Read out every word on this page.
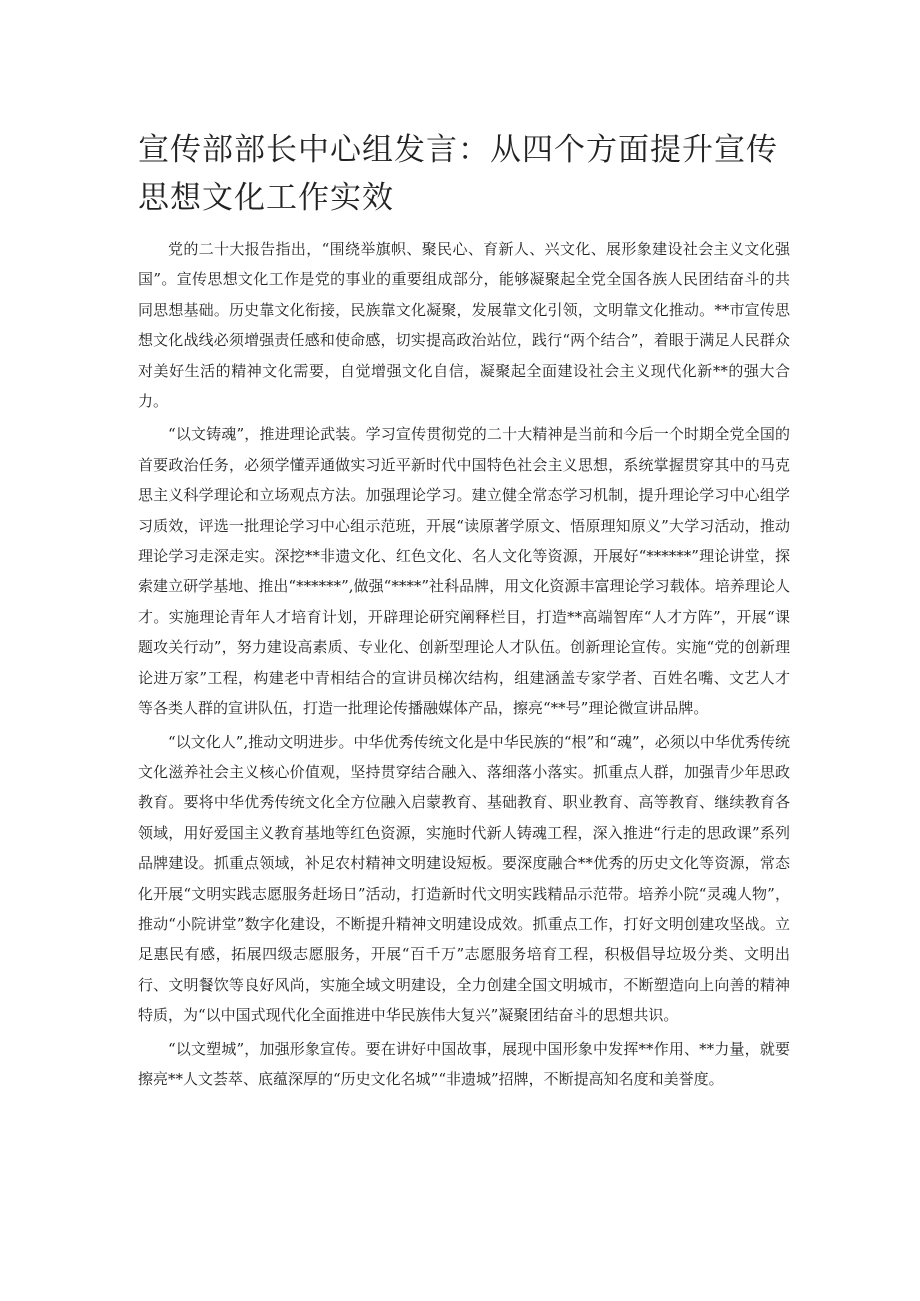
宣传部部长中心组发言：从四个方面提升宣传思想文化工作实效

党的二十大报告指出，“围绕举旗帜、聚民心、育新人、兴文化、展形象建设社会主义文化强国”。宣传思想文化工作是党的事业的重要组成部分，能够凝聚起全党全国各族人民团结奋斗的共同思想基础。历史靠文化衔接，民族靠文化凝聚，发展靠文化引领，文明靠文化推动。**市宣传思想文化战线必须增强责任感和使命感，切实提高政治站位，践行“两个结合”，着眼于满足人民群众对美好生活的精神文化需要，自觉增强文化自信，凝聚起全面建设社会主义现代化新**的强大合力。

“以文铸魂”，推进理论武装。学习宣传贯彻党的二十大精神是当前和今后一个时期全党全国的首要政治任务，必须学懂弄通做实习近平新时代中国特色社会主义思想，系统掌握贯穿其中的马克思主义科学理论和立场观点方法。加强理论学习。建立健全常态学习机制，提升理论学习中心组学习质效，评选一批理论学习中心组示范班，开展“读原著学原文、悟原理知原义”大学习活动，推动理论学习走深走实。深挖**非遗文化、红色文化、名人文化等资源，开展好“******”理论讲堂，探索建立研学基地、推出“******”,做强“****”社科品牌，用文化资源丰富理论学习载体。培养理论人才。实施理论青年人才培育计划，开辟理论研究阐释栏目，打造**高端智库“人才方阵”，开展“课题攻关行动”，努力建设高素质、专业化、创新型理论人才队伍。创新理论宣传。实施“党的创新理论进万家”工程，构建老中青相结合的宣讲员梯次结构，组建涵盖专家学者、百姓名嘴、文艺人才等各类人群的宣讲队伍，打造一批理论传播融媒体产品，擦亮“**号”理论微宣讲品牌。

“以文化人”,推动文明进步。中华优秀传统文化是中华民族的“根”和“魂”，必须以中华优秀传统文化滋养社会主义核心价值观，坚持贯穿结合融入、落细落小落实。抓重点人群，加强青少年思政教育。要将中华优秀传统文化全方位融入启蒙教育、基础教育、职业教育、高等教育、继续教育各领域，用好爱国主义教育基地等红色资源，实施时代新人铸魂工程，深入推进“行走的思政课”系列品牌建设。抓重点领域，补足农村精神文明建设短板。要深度融合**优秀的历史文化等资源，常态化开展“文明实践志愿服务赶场日”活动，打造新时代文明实践精品示范带。培养小院“灵魂人物”，推动“小院讲堂”数字化建设，不断提升精神文明建设成效。抓重点工作，打好文明创建攻坚战。立足惠民有感，拓展四级志愿服务，开展“百千万”志愿服务培育工程，积极倡导垃圾分类、文明出行、文明餐饮等良好风尚，实施全域文明建设，全力创建全国文明城市，不断塑造向上向善的精神特质，为“以中国式现代化全面推进中华民族伟大复兴”凝聚团结奋斗的思想共识。

“以文塑城”，加强形象宣传。要在讲好中国故事，展现中国形象中发挥**作用、**力量，就要擦亮**人文荟萃、底蕴深厚的“历史文化名城”“非遗城”招牌，不断提高知名度和美誉度。
